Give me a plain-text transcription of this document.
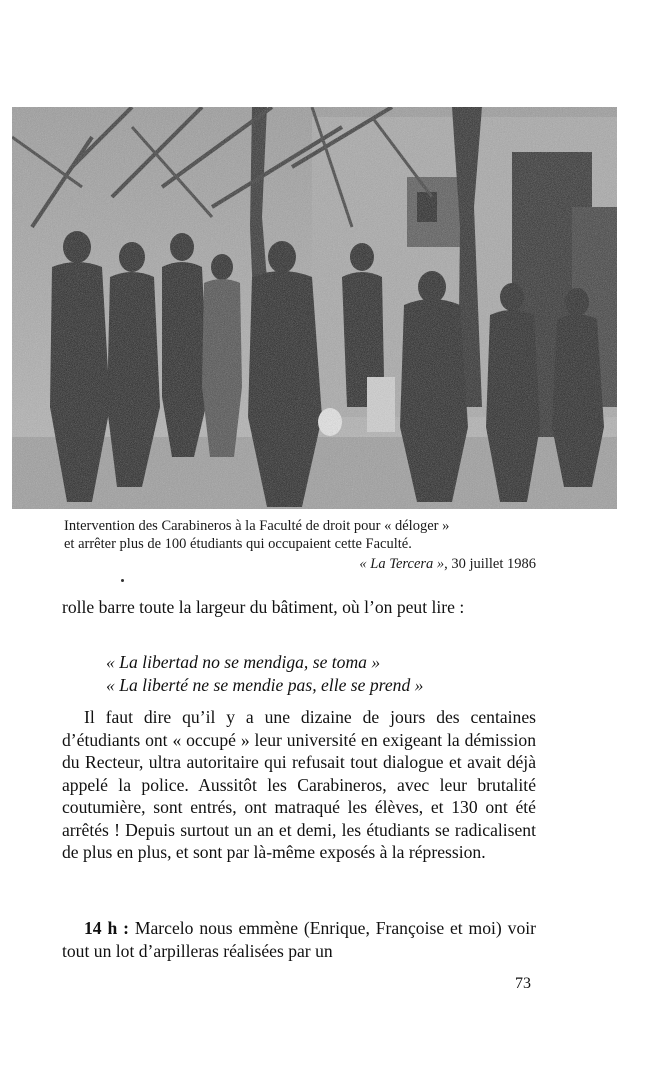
Intervention des Carabineros à la Faculté de droit pour « déloger »
et arrêter plus de 100 étudiants qui occupaient cette Faculté.
« La Tercera », 30 juillet 1986
rolle barre toute la largeur du bâtiment, où l’on peut lire :
« La libertad no se mendiga, se toma »
« La liberté ne se mendie pas, elle se prend »
Il faut dire qu’il y a une dizaine de jours des centaines d’étudiants ont « occupé » leur université en exigeant la démission du Recteur, ultra autoritaire qui refusait tout dialogue et avait déjà appelé la police. Aussitôt les Carabineros, avec leur brutalité coutumière, sont entrés, ont matraqué les élèves, et 130 ont été arrêtés ! Depuis surtout un an et demi, les étudiants se radicalisent de plus en plus, et sont par là-même exposés à la répression.
14 h : Marcelo nous emmène (Enrique, Françoise et moi) voir tout un lot d’arpilleras réalisées par un
73
